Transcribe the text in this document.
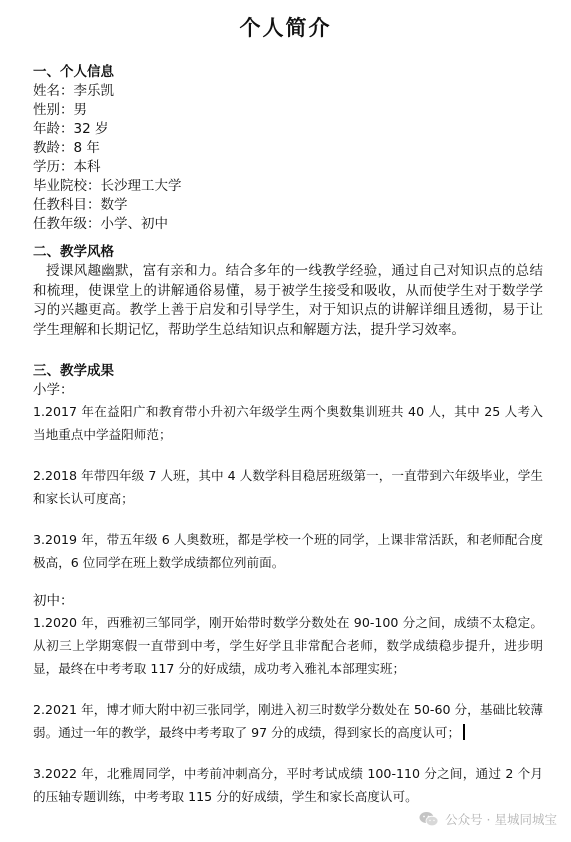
个人简介
一、个人信息
姓名：李乐凯
性别：男
年龄：32 岁
教龄：8 年
学历：本科
毕业院校：长沙理工大学
任教科目：数学
任教年级：小学、初中
二、教学风格
授课风趣幽默，富有亲和力。结合多年的一线教学经验，通过自己对知识点的总结和梳理，使课堂上的讲解通俗易懂，易于被学生接受和吸收，从而使学生对于数学学习的兴趣更高。教学上善于启发和引导学生，对于知识点的讲解详细且透彻，易于让学生理解和长期记忆，帮助学生总结知识点和解题方法，提升学习效率。
三、教学成果
小学：
1.2017 年在益阳广和教育带小升初六年级学生两个奥数集训班共 40 人，其中 25 人考入当地重点中学益阳师范；
2.2018 年带四年级 7 人班，其中 4 人数学科目稳居班级第一，一直带到六年级毕业，学生和家长认可度高；
3.2019 年，带五年级 6 人奥数班，都是学校一个班的同学，上课非常活跃，和老师配合度极高，6 位同学在班上数学成绩都位列前面。
初中：
1.2020 年，西雅初三邹同学，刚开始带时数学分数处在 90-100 分之间，成绩不太稳定。从初三上学期寒假一直带到中考，学生好学且非常配合老师，数学成绩稳步提升，进步明显，最终在中考考取 117 分的好成绩，成功考入雅礼本部理实班；
2.2021 年，博才师大附中初三张同学，刚进入初三时数学分数处在 50-60 分，基础比较薄弱。通过一年的教学，最终中考考取了 97 分的成绩，得到家长的高度认可；
3.2022 年，北雅周同学，中考前冲刺高分，平时考试成绩 100-110 分之间，通过 2 个月的压轴专题训练，中考考取 115 分的好成绩，学生和家长高度认可。
公众号 · 星城同城宝
